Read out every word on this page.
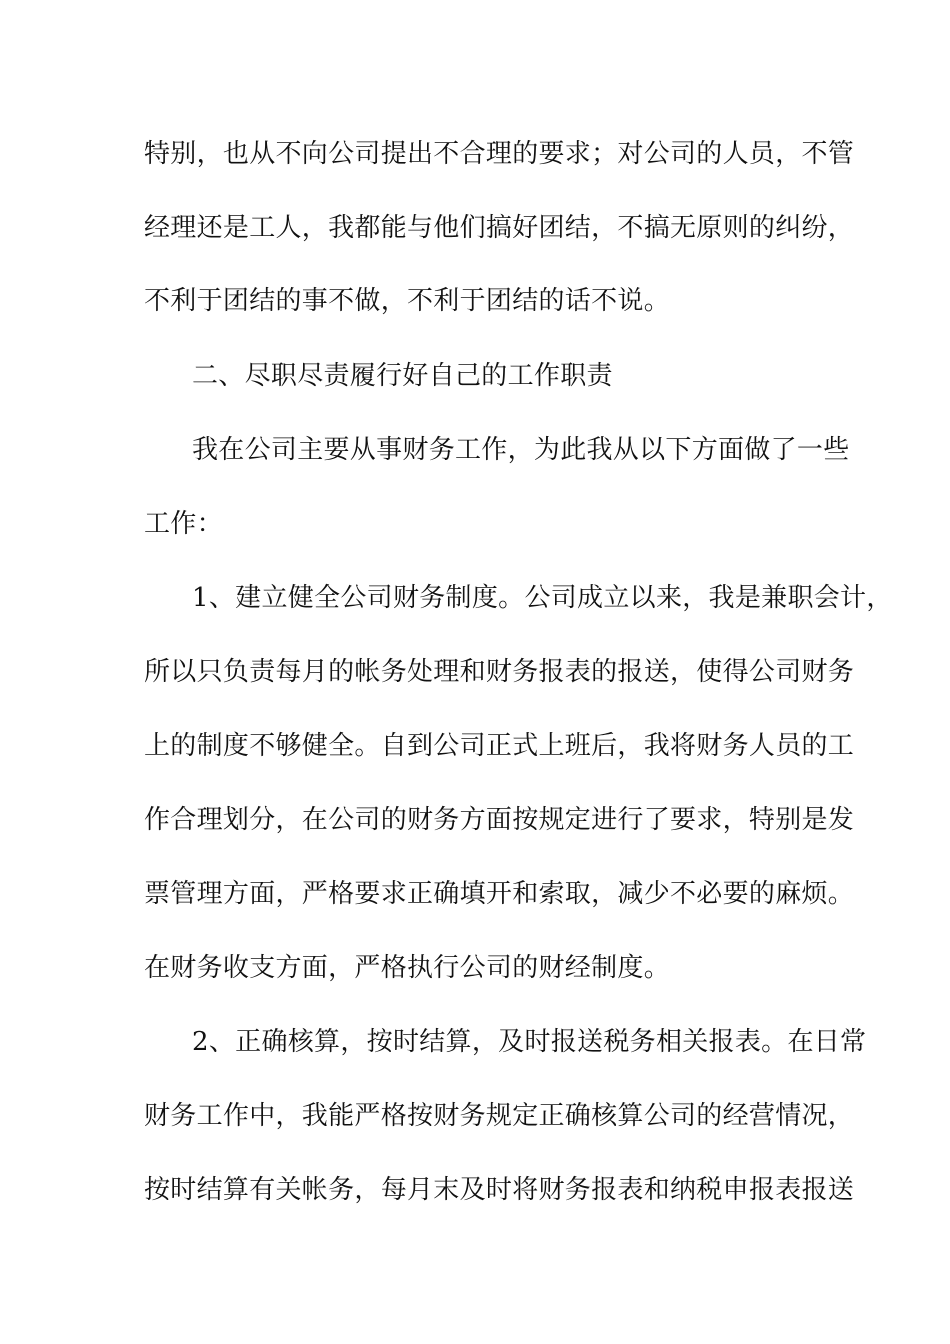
特别，也从不向公司提出不合理的要求；对公司的人员，不管
经理还是工人，我都能与他们搞好团结，不搞无原则的纠纷，
不利于团结的事不做，不利于团结的话不说。
二、尽职尽责履行好自己的工作职责
我在公司主要从事财务工作，为此我从以下方面做了一些
工作：
1、建立健全公司财务制度。公司成立以来，我是兼职会计，
所以只负责每月的帐务处理和财务报表的报送，使得公司财务
上的制度不够健全。自到公司正式上班后，我将财务人员的工
作合理划分，在公司的财务方面按规定进行了要求，特别是发
票管理方面，严格要求正确填开和索取，减少不必要的麻烦。
在财务收支方面，严格执行公司的财经制度。
2、正确核算，按时结算，及时报送税务相关报表。在日常
财务工作中，我能严格按财务规定正确核算公司的经营情况，
按时结算有关帐务，每月末及时将财务报表和纳税申报表报送
